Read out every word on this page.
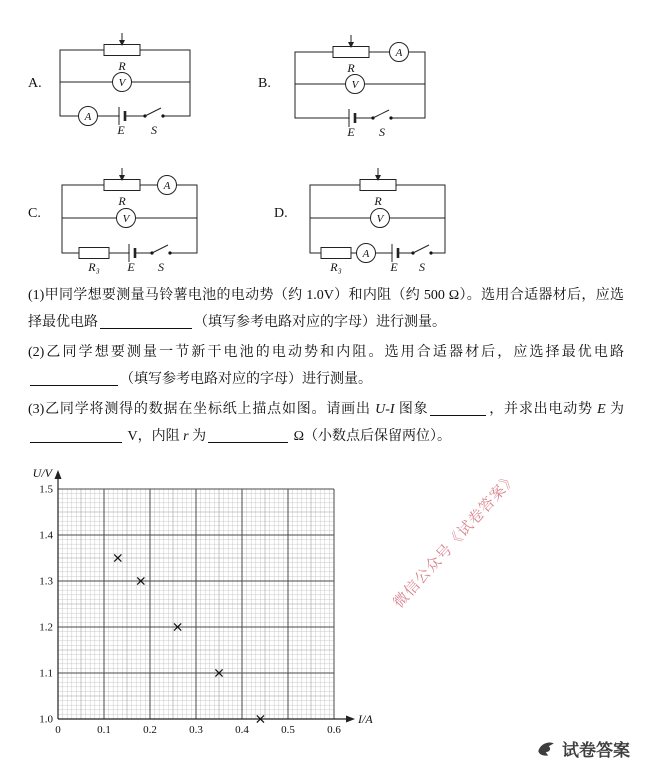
A.	B.
C.	D.
R
V
A
E S
R
A
V
E S
R
A
V
R₃ E S
R
V
R₃
A
E S

(1)甲同学想要测量马铃薯电池的电动势（约 1.0V）和内阻（约 500 Ω）。选用合适器材后，应选择最优电路	（填写参考电路对应的字母）进行测量。

(2)乙同学想要测量一节新干电池的电动势和内阻。选用合适器材后，应选择最优电路（填写参考电路对应的字母）进行测量。

(3)乙同学将测得的数据在坐标纸上描点如图。请画出 U-I 图象	，并求出电动势 E 为 V，内阻 r 为	Ω（小数点后保留两位）。

1.0
1.1
1.2
1.3
1.4
1.5
0	0.1	0.2	0.3	0.4	0.5	0.6
U/V
I/A
微信公众号《试卷答案》
试卷答案
